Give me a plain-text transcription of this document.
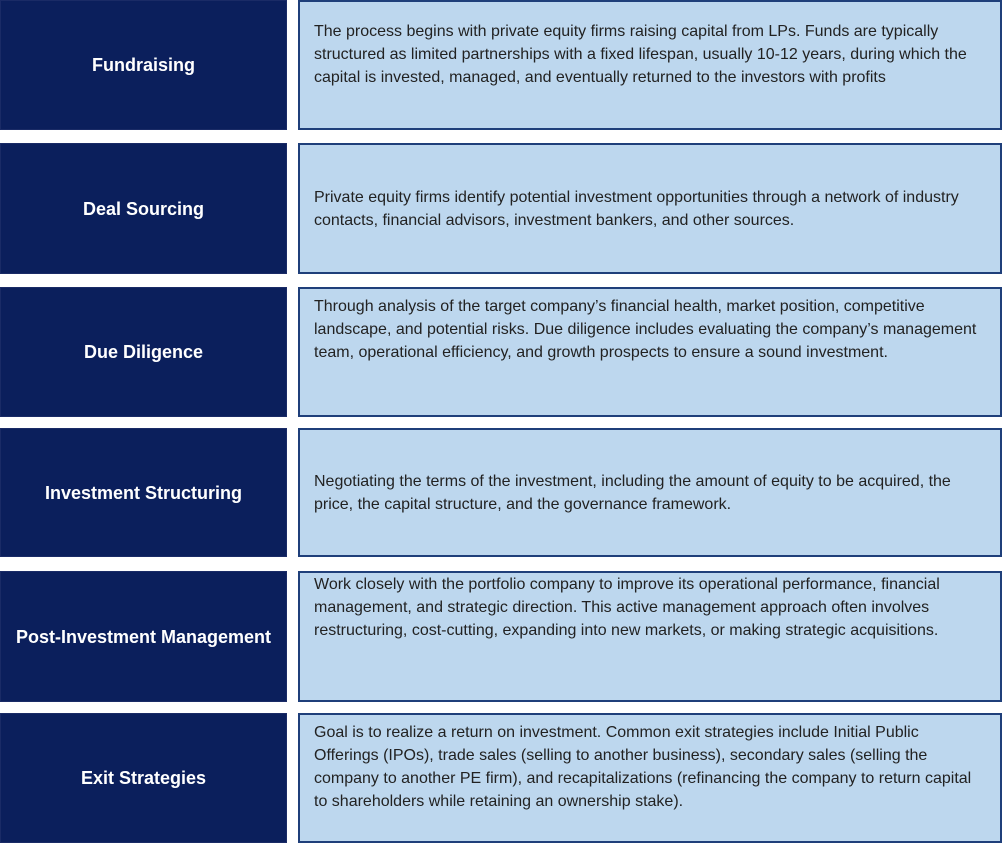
Fundraising
The process begins with private equity firms raising capital from LPs. Funds are typically structured as limited partnerships with a fixed lifespan, usually 10-12 years, during which the capital is invested, managed, and eventually returned to the investors with profits
Deal Sourcing
Private equity firms identify potential investment opportunities through a network of industry contacts, financial advisors, investment bankers, and other sources.
Due Diligence
Through analysis of the target company’s financial health, market position, competitive landscape, and potential risks. Due diligence includes evaluating the company’s management team, operational efficiency, and growth prospects to ensure a sound investment.
Investment Structuring
Negotiating the terms of the investment, including the amount of equity to be acquired, the price, the capital structure, and the governance framework.
Post-Investment Management
Work closely with the portfolio company to improve its operational performance, financial management, and strategic direction. This active management approach often involves restructuring, cost-cutting, expanding into new markets, or making strategic acquisitions.
Exit Strategies
Goal is to realize a return on investment. Common exit strategies include Initial Public Offerings (IPOs), trade sales (selling to another business), secondary sales (selling the company to another PE firm), and recapitalizations (refinancing the company to return capital to shareholders while retaining an ownership stake).
